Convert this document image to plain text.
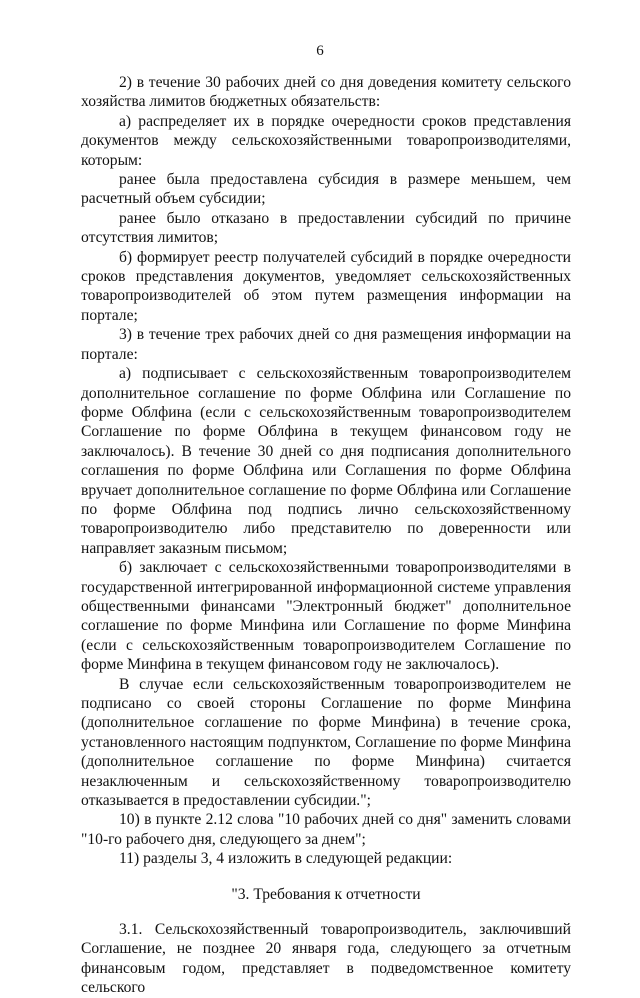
6

2) в течение 30 рабочих дней со дня доведения комитету сельского хозяйства лимитов бюджетных обязательств:

а) распределяет их в порядке очередности сроков представления документов между сельскохозяйственными товаропроизводителями, которым:

ранее была предоставлена субсидия в размере меньшем, чем расчетный объем субсидии;

ранее было отказано в предоставлении субсидий по причине отсутствия лимитов;

б) формирует реестр получателей субсидий в порядке очередности сроков представления документов, уведомляет сельскохозяйственных товаропроизводителей об этом путем размещения информации на портале;

3) в течение трех рабочих дней со дня размещения информации на портале:

а) подписывает с сельскохозяйственным товаропроизводителем дополнительное соглашение по форме Облфина или Соглашение по форме Облфина (если с сельскохозяйственным товаропроизводителем Соглашение по форме Облфина в текущем финансовом году не заключалось). В течение 30 дней со дня подписания дополнительного соглашения по форме Облфина или Соглашения по форме Облфина вручает дополнительное соглашение по форме Облфина или Соглашение по форме Облфина под подпись лично сельскохозяйственному товаропроизводителю либо представителю по доверенности или направляет заказным письмом;

б) заключает с сельскохозяйственными товаропроизводителями в государственной интегрированной информационной системе управления общественными финансами "Электронный бюджет" дополнительное соглашение по форме Минфина или Соглашение по форме Минфина (если с сельскохозяйственным товаропроизводителем Соглашение по форме Минфина в текущем финансовом году не заключалось).

В случае если сельскохозяйственным товаропроизводителем не подписано со своей стороны Соглашение по форме Минфина (дополнительное соглашение по форме Минфина) в течение срока, установленного настоящим подпунктом, Соглашение по форме Минфина (дополнительное соглашение по форме Минфина) считается незаключенным и сельскохозяйственному товаропроизводителю отказывается в предоставлении субсидии.";

10) в пункте 2.12 слова "10 рабочих дней со дня" заменить словами "10-го рабочего дня, следующего за днем";

11) разделы 3, 4 изложить в следующей редакции:

"3. Требования к отчетности

3.1. Сельскохозяйственный товаропроизводитель, заключивший Соглашение, не позднее 20 января года, следующего за отчетным финансовым годом, представляет в подведомственное комитету сельского
